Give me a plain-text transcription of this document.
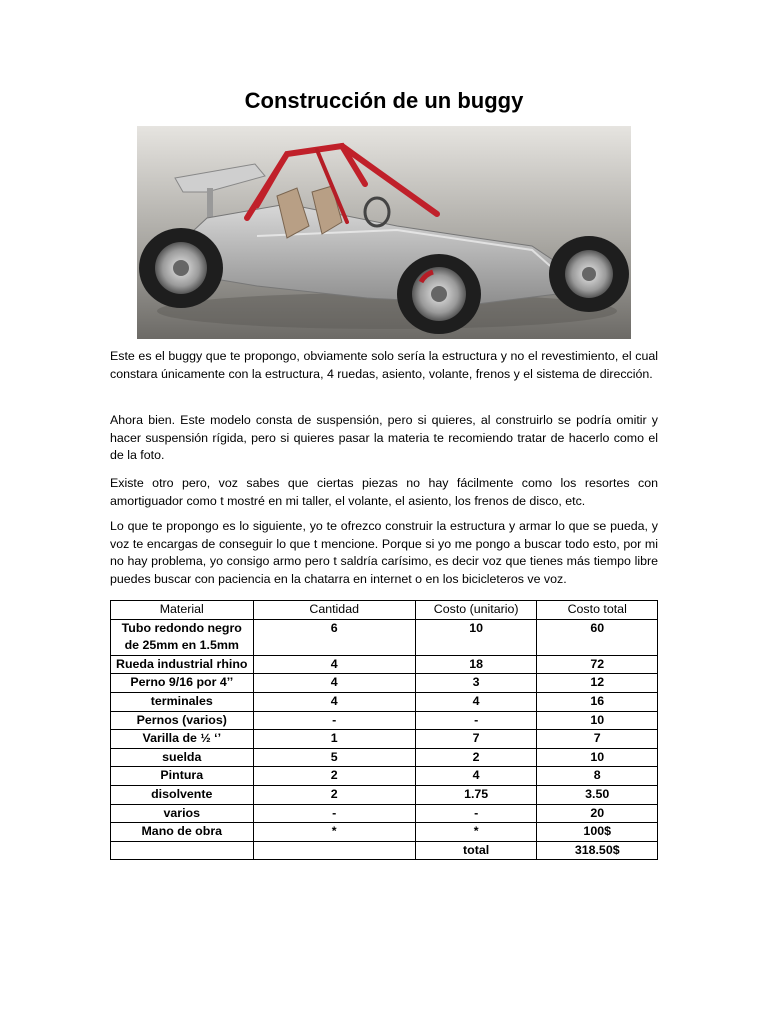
Construcción de un buggy

Este es el buggy que te propongo, obviamente solo sería la estructura y no el revestimiento, el cual constara únicamente con la estructura, 4 ruedas, asiento, volante, frenos y el sistema de dirección.

Ahora bien. Este modelo consta de suspensión, pero si quieres, al construirlo se podría omitir y hacer suspensión rígida, pero si quieres pasar la materia te recomiendo tratar de hacerlo como el de la foto.

Existe otro pero, voz sabes que ciertas piezas no hay fácilmente como los resortes con amortiguador como t mostré en mi taller, el volante, el asiento, los frenos de disco, etc.

Lo que te propongo es lo siguiente, yo te ofrezco construir la estructura y armar lo que se pueda, y voz te encargas de conseguir lo que t mencione. Porque si yo me pongo a buscar todo esto, por mi no hay problema, yo consigo armo pero t saldría carísimo, es decir voz que tienes más tiempo libre puedes buscar con paciencia en la chatarra en internet o en los bicicleteros ve voz.

Material	Cantidad	Costo (unitario)	Costo total
Tubo redondo negro de 25mm en 1.5mm	6	10	60
Rueda industrial rhino	4	18	72
Perno 9/16 por 4’’	4	3	12
terminales	4	4	16
Pernos (varios)	-	-	10
Varilla de ½ ‘’	1	7	7
suelda	5	2	10
Pintura	2	4	8
disolvente	2	1.75	3.50
varios	-	-	20
Mano de obra	*	*	100$
		total	318.50$
